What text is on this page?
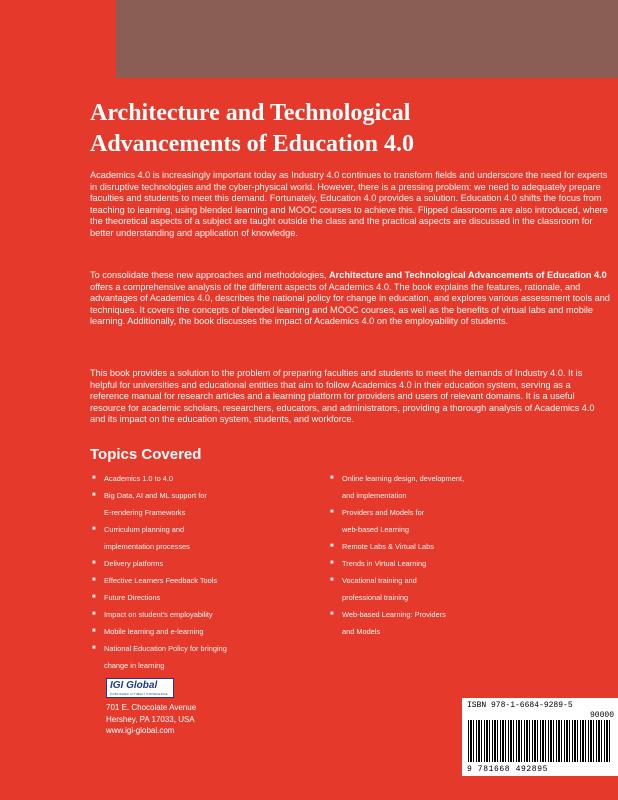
Architecture and Technological
Advancements of Education 4.0

Academics 4.0 is increasingly important today as Industry 4.0 continues to transform fields and underscore the need for experts in disruptive technologies and the cyber-physical world. However, there is a pressing problem: we need to adequately prepare faculties and students to meet this demand. Fortunately, Education 4.0 provides a solution. Education 4.0 shifts the focus from teaching to learning, using blended learning and MOOC courses to achieve this. Flipped classrooms are also introduced, where the theoretical aspects of a subject are taught outside the class and the practical aspects are discussed in the classroom for better understanding and application of knowledge.

To consolidate these new approaches and methodologies, Architecture and Technological Advancements of Education 4.0 offers a comprehensive analysis of the different aspects of Academics 4.0. The book explains the features, rationale, and advantages of Academics 4.0, describes the national policy for change in education, and explores various assessment tools and techniques. It covers the concepts of blended learning and MOOC courses, as well as the benefits of virtual labs and mobile learning. Additionally, the book discusses the impact of Academics 4.0 on the employability of students.

This book provides a solution to the problem of preparing faculties and students to meet the demands of Industry 4.0. It is helpful for universities and educational entities that aim to follow Academics 4.0 in their education system, serving as a reference manual for research articles and a learning platform for providers and users of relevant domains. It is a useful resource for academic scholars, researchers, educators, and administrators, providing a thorough analysis of Academics 4.0 and its impact on the education system, students, and workforce.

Topics Covered
■ Academics 1.0 to 4.0
■ Big Data, AI and ML support for
E-rendering Frameworks
■ Curriculum planning and
implementation processes
■ Delivery platforms
■ Effective Learners Feedback Tools
■ Future Directions
■ Impact on student's employability
■ Mobile learning and e-learning
■ National Education Policy for bringing
change in learning
■ Online learning design, development,
and implementation
■ Providers and Models for
web-based Learning
■ Remote Labs & Virtual Labs
■ Trends in Virtual Learning
■ Vocational training and
professional training
■ Web-based Learning: Providers
and Models
IGI Global
PUBLISHER of TIMELY KNOWLEDGE

701 E. Chocolate Avenue
Hershey, PA 17033, USA
www.igi-global.com

ISBN 978-1-6684-9289-5
90000
9 781668 492895
